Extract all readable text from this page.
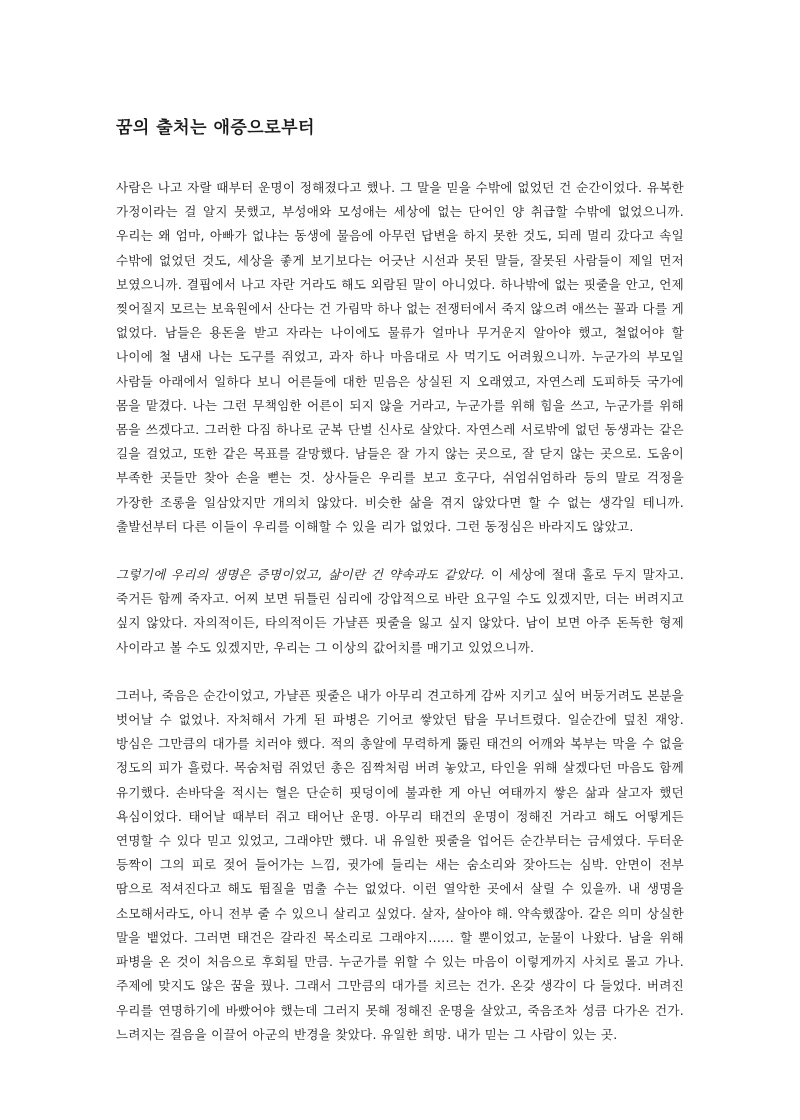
꿈의 출처는 애증으로부터

사람은 나고 자랄 때부터 운명이 정해졌다고 했나. 그 말을 믿을 수밖에 없었던 건 순간이었다. 유복한 가정이라는 걸 알지 못했고, 부성애와 모성애는 세상에 없는 단어인 양 취급할 수밖에 없었으니까. 우리는 왜 엄마, 아빠가 없냐는 동생에 물음에 아무런 답변을 하지 못한 것도, 되레 멀리 갔다고 속일 수밖에 없었던 것도, 세상을 좋게 보기보다는 어긋난 시선과 못된 말들, 잘못된 사람들이 제일 먼저 보였으니까. 결핍에서 나고 자란 거라도 해도 외람된 말이 아니었다. 하나밖에 없는 핏줄을 안고, 언제 찢어질지 모르는 보육원에서 산다는 건 가림막 하나 없는 전쟁터에서 죽지 않으려 애쓰는 꼴과 다를 게 없었다. 남들은 용돈을 받고 자라는 나이에도 물류가 얼마나 무거운지 알아야 했고, 철없어야 할 나이에 철 냄새 나는 도구를 쥐었고, 과자 하나 마음대로 사 먹기도 어려웠으니까. 누군가의 부모일 사람들 아래에서 일하다 보니 어른들에 대한 믿음은 상실된 지 오래였고, 자연스레 도피하듯 국가에 몸을 맡겼다. 나는 그런 무책임한 어른이 되지 않을 거라고, 누군가를 위해 힘을 쓰고, 누군가를 위해 몸을 쓰겠다고. 그러한 다짐 하나로 군복 단벌 신사로 살았다. 자연스레 서로밖에 없던 동생과는 같은 길을 걸었고, 또한 같은 목표를 갈망했다. 남들은 잘 가지 않는 곳으로, 잘 닫지 않는 곳으로. 도움이 부족한 곳들만 찾아 손을 뻗는 것. 상사들은 우리를 보고 호구다, 쉬엄쉬엄하라 등의 말로 걱정을 가장한 조롱을 일삼았지만 개의치 않았다. 비슷한 삶을 겪지 않았다면 할 수 없는 생각일 테니까. 출발선부터 다른 이들이 우리를 이해할 수 있을 리가 없었다. 그런 동정심은 바라지도 않았고.

그렇기에 우리의 생명은 증명이었고, 삶이란 건 약속과도 같았다. 이 세상에 절대 홀로 두지 말자고. 죽거든 함께 죽자고. 어찌 보면 뒤틀린 심리에 강압적으로 바란 요구일 수도 있겠지만, 더는 버려지고 싶지 않았다. 자의적이든, 타의적이든 가냘픈 핏줄을 잃고 싶지 않았다. 남이 보면 아주 돈독한 형제 사이라고 볼 수도 있겠지만, 우리는 그 이상의 값어치를 매기고 있었으니까.

그러나, 죽음은 순간이었고, 가냘픈 핏줄은 내가 아무리 견고하게 감싸 지키고 싶어 버둥거려도 본분을 벗어날 수 없었나. 자처해서 가게 된 파병은 기어코 쌓았던 탑을 무너트렸다. 일순간에 덮친 재앙. 방심은 그만큼의 대가를 치러야 했다. 적의 총알에 무력하게 뚫린 태건의 어깨와 복부는 막을 수 없을 정도의 피가 흘렀다. 목숨처럼 쥐었던 총은 짐짝처럼 버려 놓았고, 타인을 위해 살겠다던 마음도 함께 유기했다. 손바닥을 적시는 혈은 단순히 핏덩이에 불과한 게 아닌 여태까지 쌓은 삶과 살고자 했던 욕심이었다. 태어날 때부터 쥐고 태어난 운명. 아무리 태건의 운명이 정해진 거라고 해도 어떻게든 연명할 수 있다 믿고 있었고, 그래야만 했다. 내 유일한 핏줄을 업어든 순간부터는 금세였다. 두터운 등짝이 그의 피로 젖어 들어가는 느낌, 귓가에 들리는 새는 숨소리와 잦아드는 심박. 안면이 전부 땀으로 적셔진다고 해도 뜀질을 멈출 수는 없었다. 이런 열악한 곳에서 살릴 수 있을까. 내 생명을 소모해서라도, 아니 전부 줄 수 있으니 살리고 싶었다. 살자, 살아야 해. 약속했잖아. 같은 의미 상실한 말을 뱉었다. 그러면 태건은 갈라진 목소리로 그래야지...... 할 뿐이었고, 눈물이 나왔다. 남을 위해 파병을 온 것이 처음으로 후회될 만큼. 누군가를 위할 수 있는 마음이 이렇게까지 사치로 몰고 가나. 주제에 맞지도 않은 꿈을 꿨나. 그래서 그만큼의 대가를 치르는 건가. 온갖 생각이 다 들었다. 버려진 우리를 연명하기에 바빴어야 했는데 그러지 못해 정해진 운명을 살았고, 죽음조차 성큼 다가온 건가. 느려지는 걸음을 이끌어 아군의 반경을 찾았다. 유일한 희망. 내가 믿는 그 사람이 있는 곳.
